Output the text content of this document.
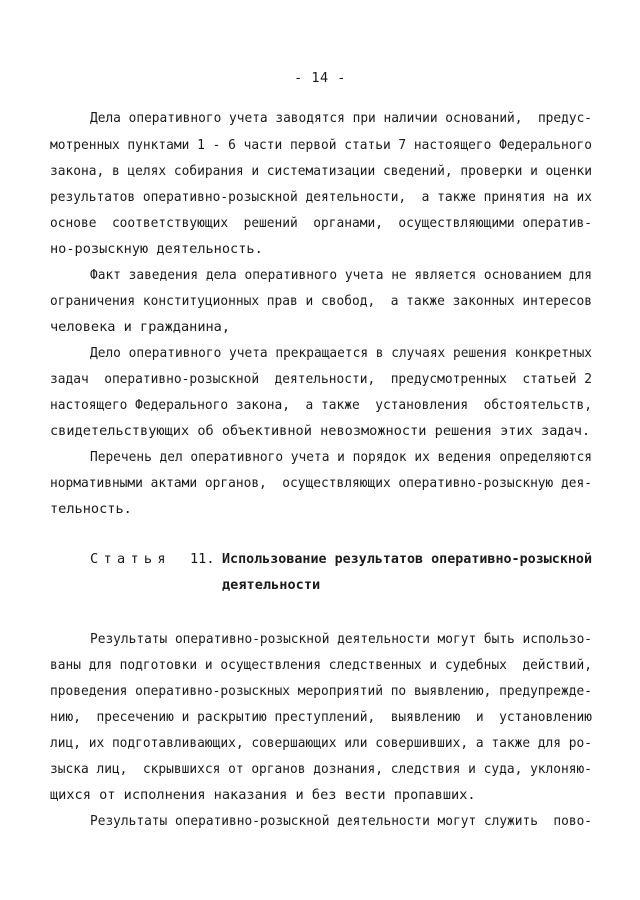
- 14 -
Дела оперативного учета заводятся при наличии оснований,  предус-
мотренных пунктами 1 - 6 части первой статьи 7 настоящего Федерального
закона, в целях собирания и систематизации сведений, проверки и оценки
результатов оперативно-розыскной деятельности,  а также принятия на их
основе  соответствующих  решений  органами,  осуществляющими оператив-
но-розыскную деятельность.
Факт заведения дела оперативного учета не является основанием для
ограничения конституционных прав и свобод,  а также законных интересов
человека и гражданина,
Дело оперативного учета прекращается в случаях решения конкретных
задач  оперативно-розыскной  деятельности,  предусмотренных  статьей 2
настоящего Федерального закона,  а также  установления  обстоятельств,
свидетельствующих об объективной невозможности решения этих задач.
Перечень дел оперативного учета и порядок их ведения определяются
нормативными актами органов,  осуществляющих оперативно-розыскную дея-
тельность.
Статья 11. Использование результатов оперативно-розыскной
деятельности
Результаты оперативно-розыскной деятельности могут быть использо-
ваны для подготовки и осуществления следственных и судебных  действий,
проведения оперативно-розыскных мероприятий по выявлению, предупрежде-
нию,  пресечению и раскрытию преступлений,  выявлению  и  установлению
лиц, их подготавливающих, совершающих или совершивших, а также для ро-
зыска лиц,  скрывшихся от органов дознания, следствия и суда, уклоняю-
щихся от исполнения наказания и без вести пропавших.
Результаты оперативно-розыскной деятельности могут служить  пово-
